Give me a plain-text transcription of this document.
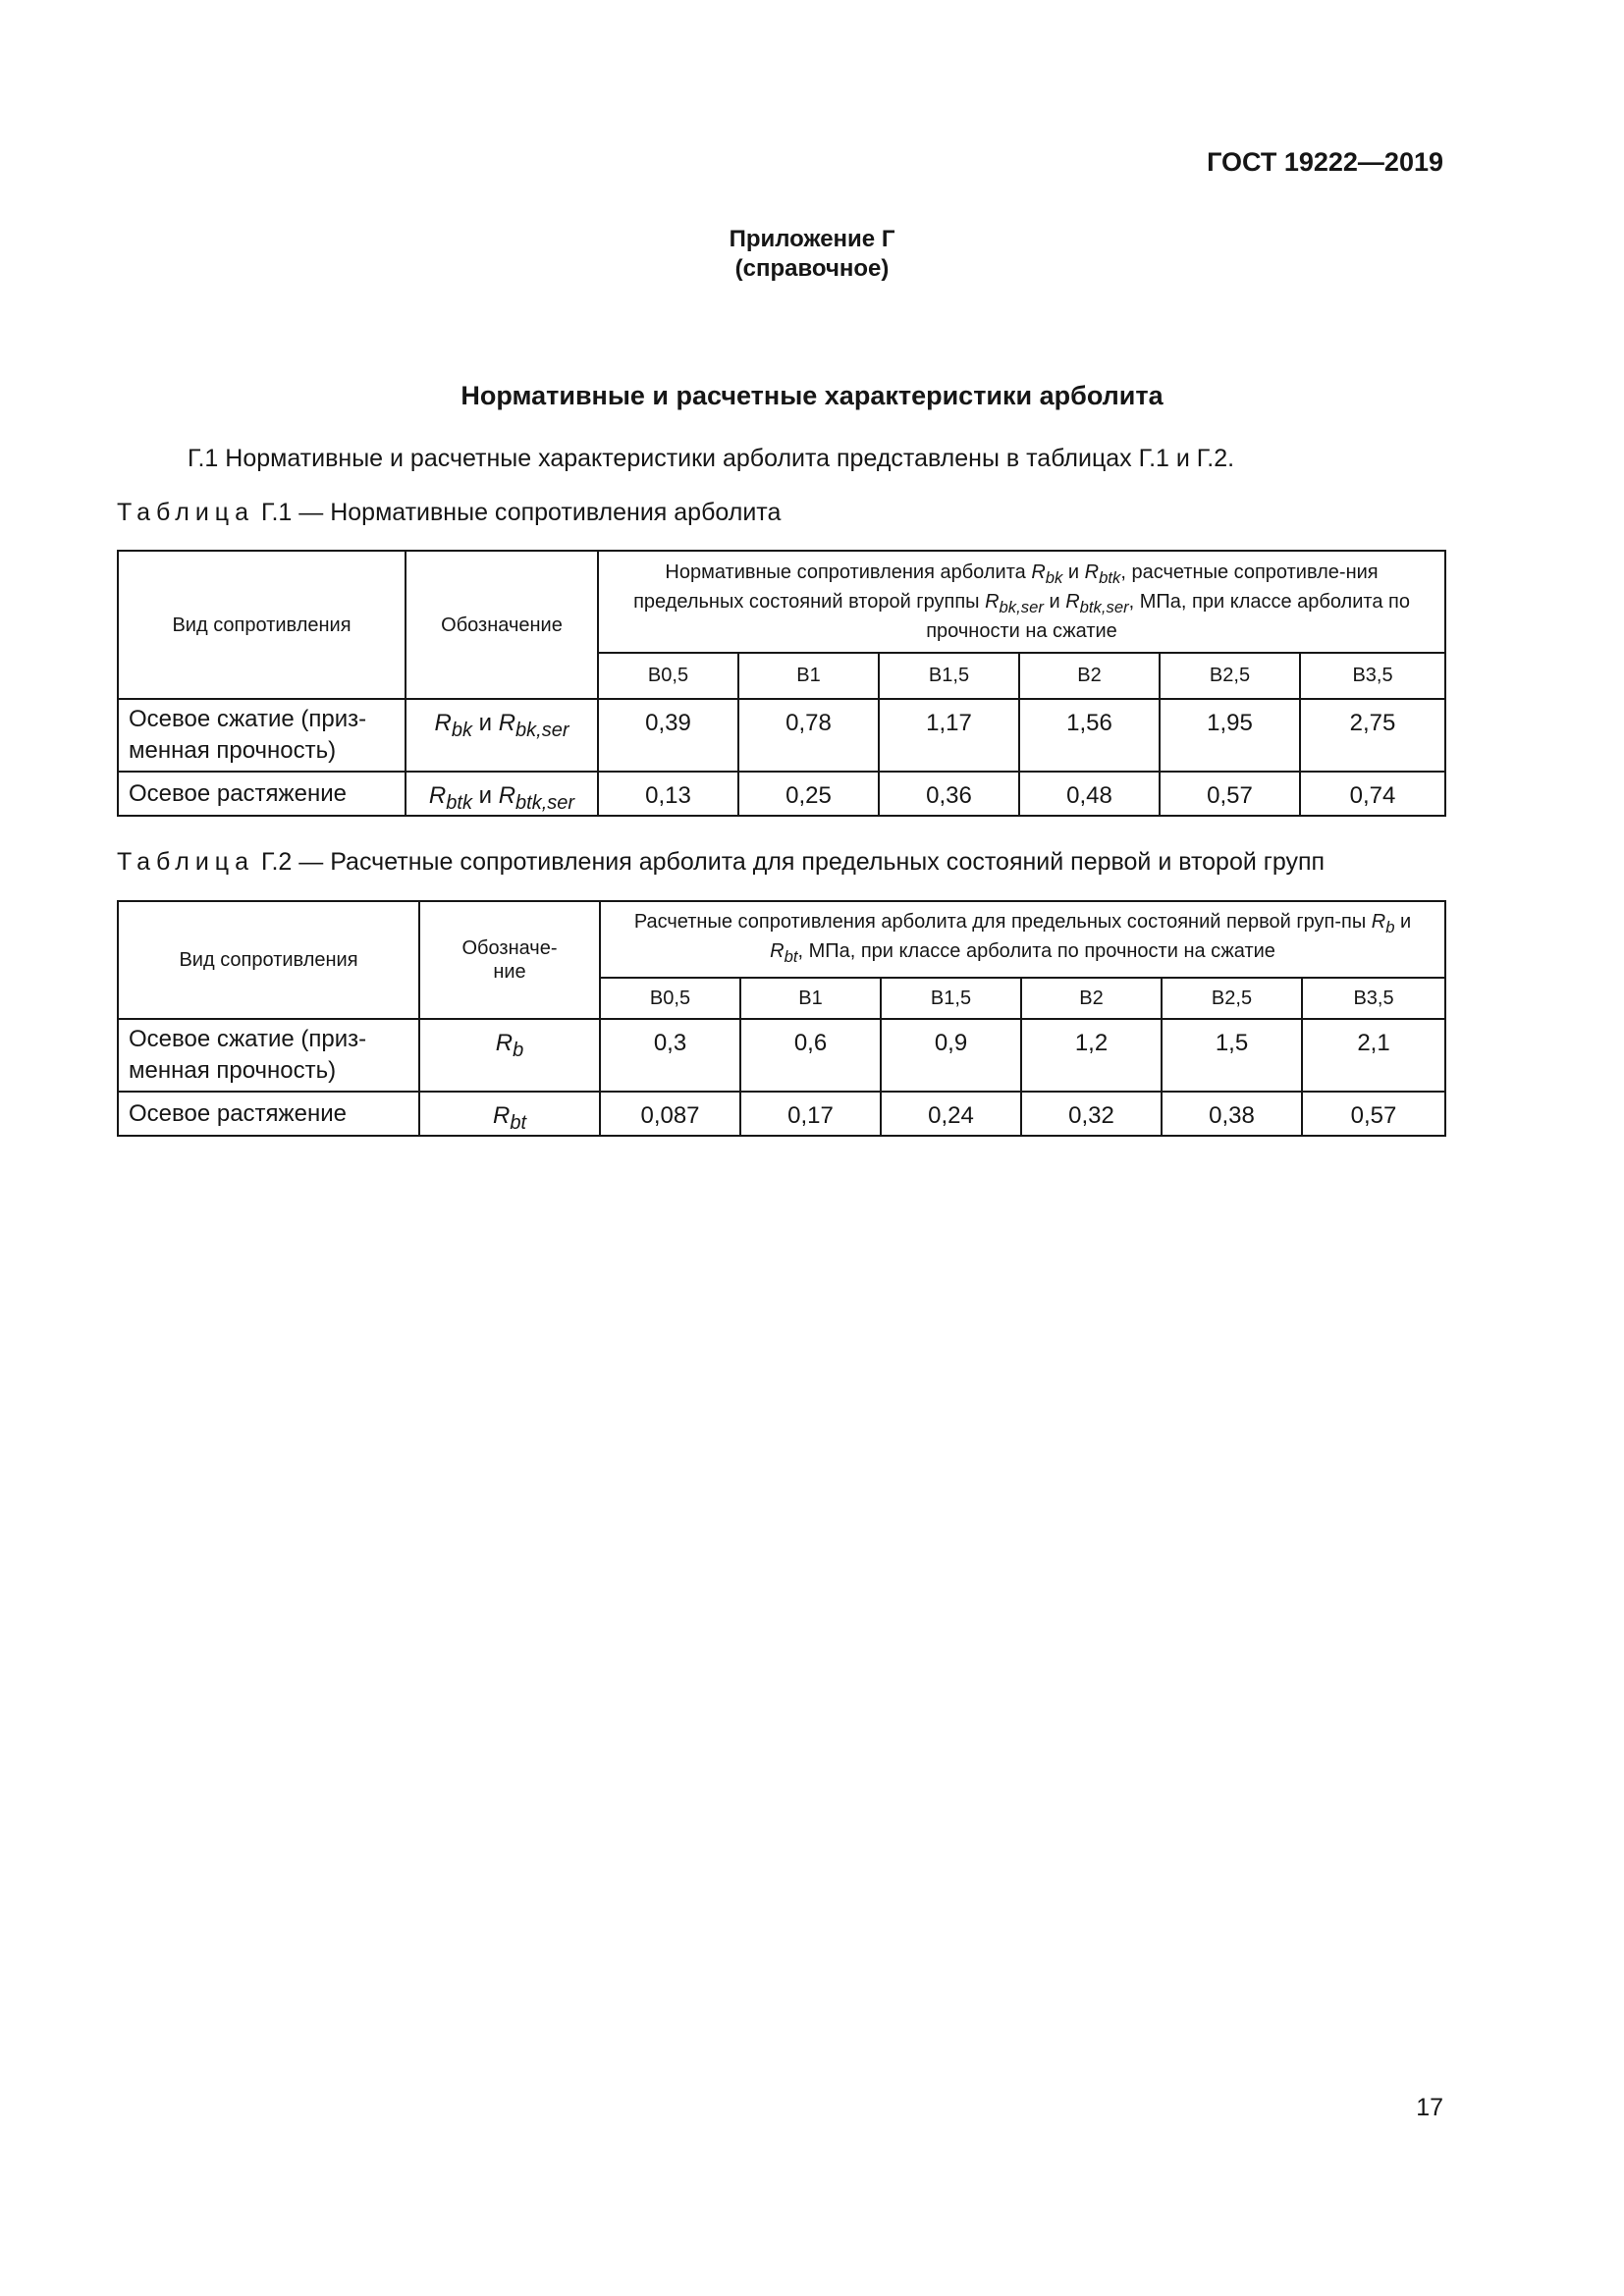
ГОСТ 19222—2019
Приложение Г
(справочное)
Нормативные и расчетные характеристики арболита
Г.1 Нормативные и расчетные характеристики арболита представлены в таблицах Г.1 и Г.2.
Таблица Г.1 — Нормативные сопротивления арболита
Вид сопротивления	Обозначение	Нормативные сопротивления арболита $R_{bk}$ и $R_{btk}$, расчетные сопротивле-ния предельных состояний второй группы $R_{bk,ser}$ и $R_{btk,ser}$, МПа, при классе арболита по прочности на сжатие					
		B0,5	B1	B1,5	B2	B2,5	B3,5
Осевое сжатие (приз-менная прочность)	$R_{bk}$ и $R_{bk,ser}$	0,39	0,78	1,17	1,56	1,95	2,75
Осевое растяжение	$R_{btk}$ и $R_{btk,ser}$	0,13	0,25	0,36	0,48	0,57	0,74
Таблица Г.2 — Расчетные сопротивления арболита для предельных состояний первой и второй групп
Вид сопротивления	Обозначе-ние	Расчетные сопротивления арболита для предельных состояний первой груп-пы $R_b$ и $R_{bt}$, МПа, при классе арболита по прочности на сжатие					
		B0,5	B1	B1,5	B2	B2,5	B3,5
Осевое сжатие (приз-менная прочность)	$R_b$	0,3	0,6	0,9	1,2	1,5	2,1
Осевое растяжение	$R_{bt}$	0,087	0,17	0,24	0,32	0,38	0,57
17
